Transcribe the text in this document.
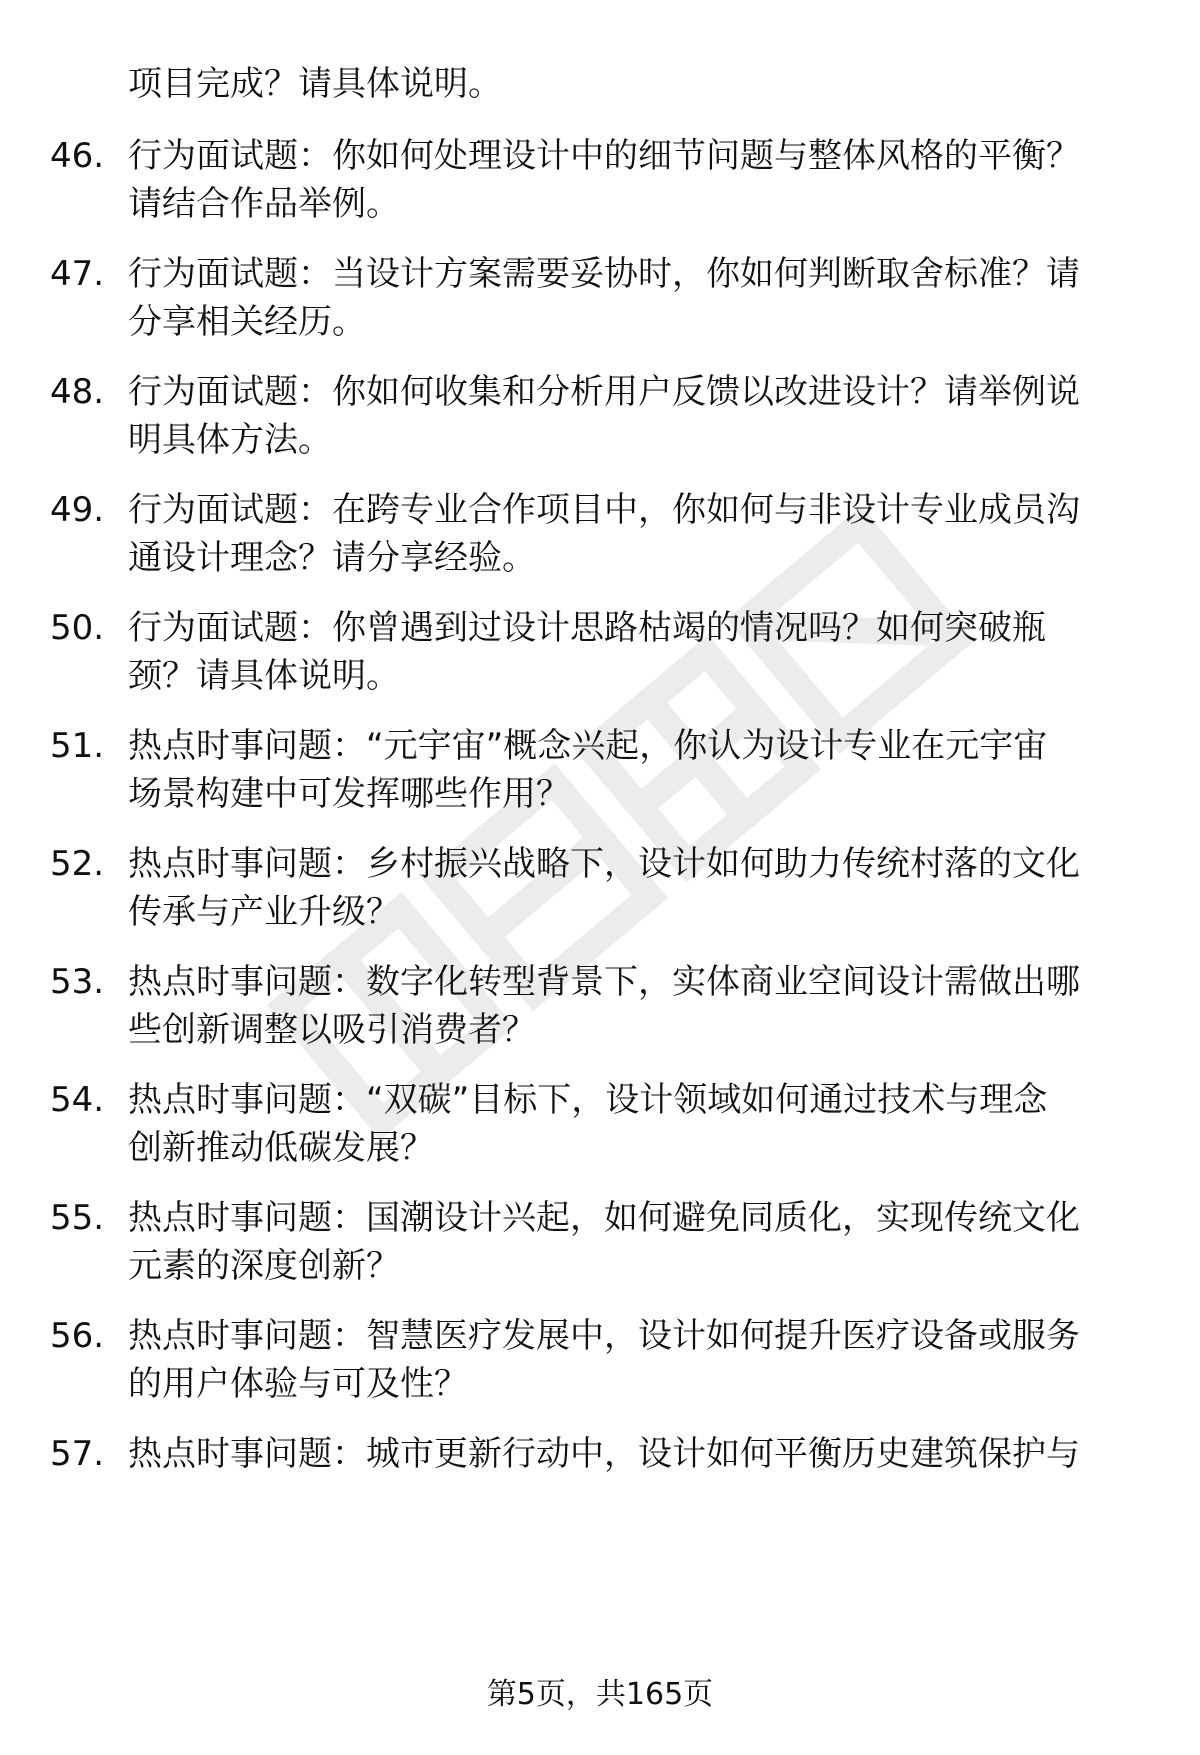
项目完成？请具体说明。
46. 行为面试题：你如何处理设计中的细节问题与整体风格的平衡？
请结合作品举例。
47. 行为面试题：当设计方案需要妥协时，你如何判断取舍标准？请
分享相关经历。
48. 行为面试题：你如何收集和分析用户反馈以改进设计？请举例说
明具体方法。
49. 行为面试题：在跨专业合作项目中，你如何与非设计专业成员沟
通设计理念？请分享经验。
50. 行为面试题：你曾遇到过设计思路枯竭的情况吗？如何突破瓶
颈？请具体说明。
51. 热点时事问题：“元宇宙”概念兴起，你认为设计专业在元宇宙
场景构建中可发挥哪些作用？
52. 热点时事问题：乡村振兴战略下，设计如何助力传统村落的文化
传承与产业升级？
53. 热点时事问题：数字化转型背景下，实体商业空间设计需做出哪
些创新调整以吸引消费者？
54. 热点时事问题：“双碳”目标下，设计领域如何通过技术与理念
创新推动低碳发展？
55. 热点时事问题：国潮设计兴起，如何避免同质化，实现传统文化
元素的深度创新？
56. 热点时事问题：智慧医疗发展中，设计如何提升医疗设备或服务
的用户体验与可及性？
57. 热点时事问题：城市更新行动中，设计如何平衡历史建筑保护与
第5页，共165页
